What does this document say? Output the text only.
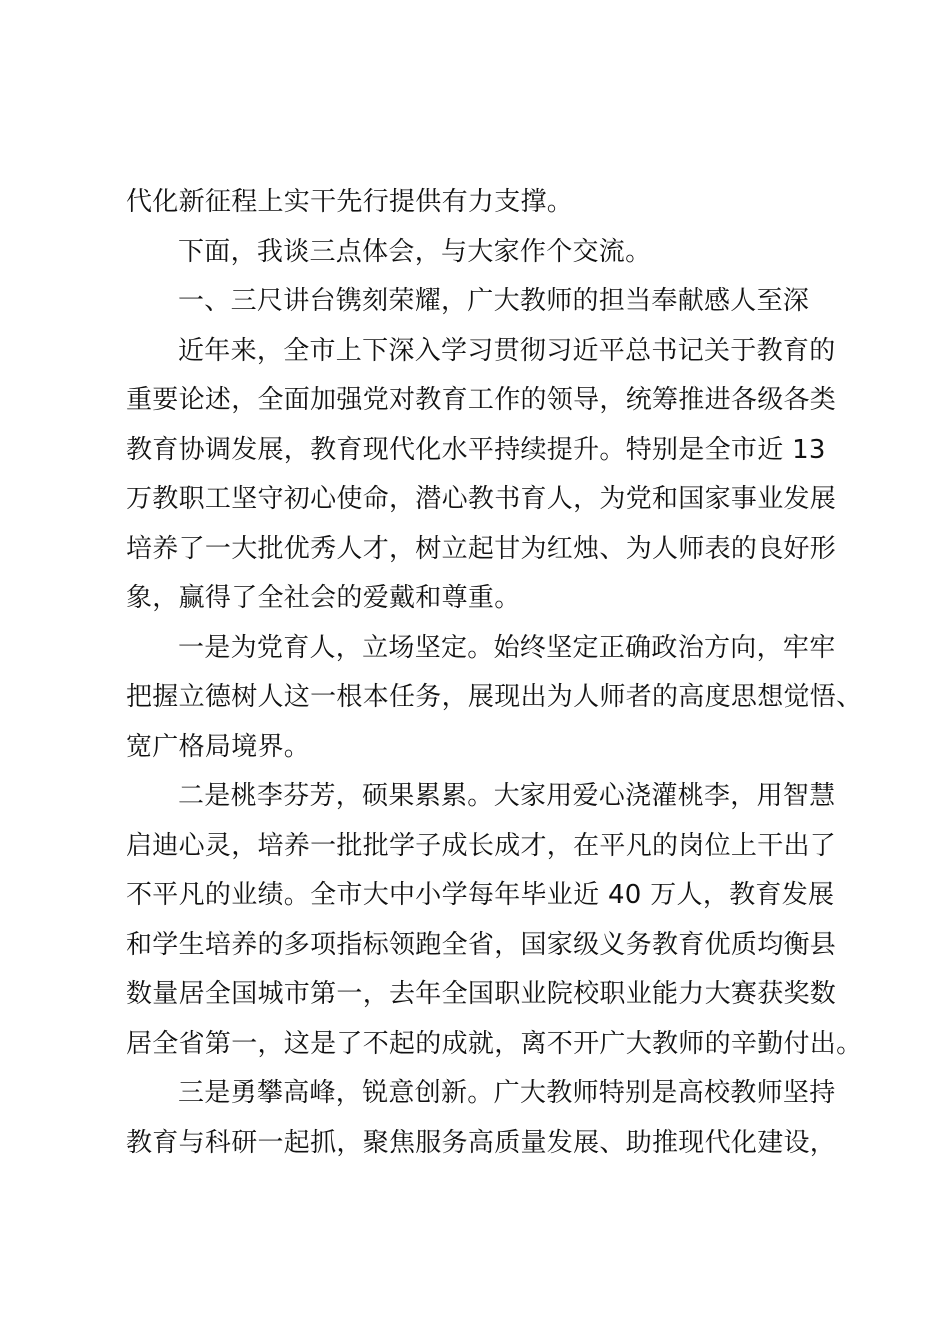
代化新征程上实干先行提供有力支撑。
下面，我谈三点体会，与大家作个交流。
一、三尺讲台镌刻荣耀，广大教师的担当奉献感人至深
近年来，全市上下深入学习贯彻习近平总书记关于教育的
重要论述，全面加强党对教育工作的领导，统筹推进各级各类
教育协调发展，教育现代化水平持续提升。特别是全市近 13
万教职工坚守初心使命，潜心教书育人，为党和国家事业发展
培养了一大批优秀人才，树立起甘为红烛、为人师表的良好形
象，赢得了全社会的爱戴和尊重。
一是为党育人，立场坚定。始终坚定正确政治方向，牢牢
把握立德树人这一根本任务，展现出为人师者的高度思想觉悟、
宽广格局境界。
二是桃李芬芳，硕果累累。大家用爱心浇灌桃李，用智慧
启迪心灵，培养一批批学子成长成才，在平凡的岗位上干出了
不平凡的业绩。全市大中小学每年毕业近 40 万人，教育发展
和学生培养的多项指标领跑全省，国家级义务教育优质均衡县
数量居全国城市第一，去年全国职业院校职业能力大赛获奖数
居全省第一，这是了不起的成就，离不开广大教师的辛勤付出。
三是勇攀高峰，锐意创新。广大教师特别是高校教师坚持
教育与科研一起抓，聚焦服务高质量发展、助推现代化建设，
